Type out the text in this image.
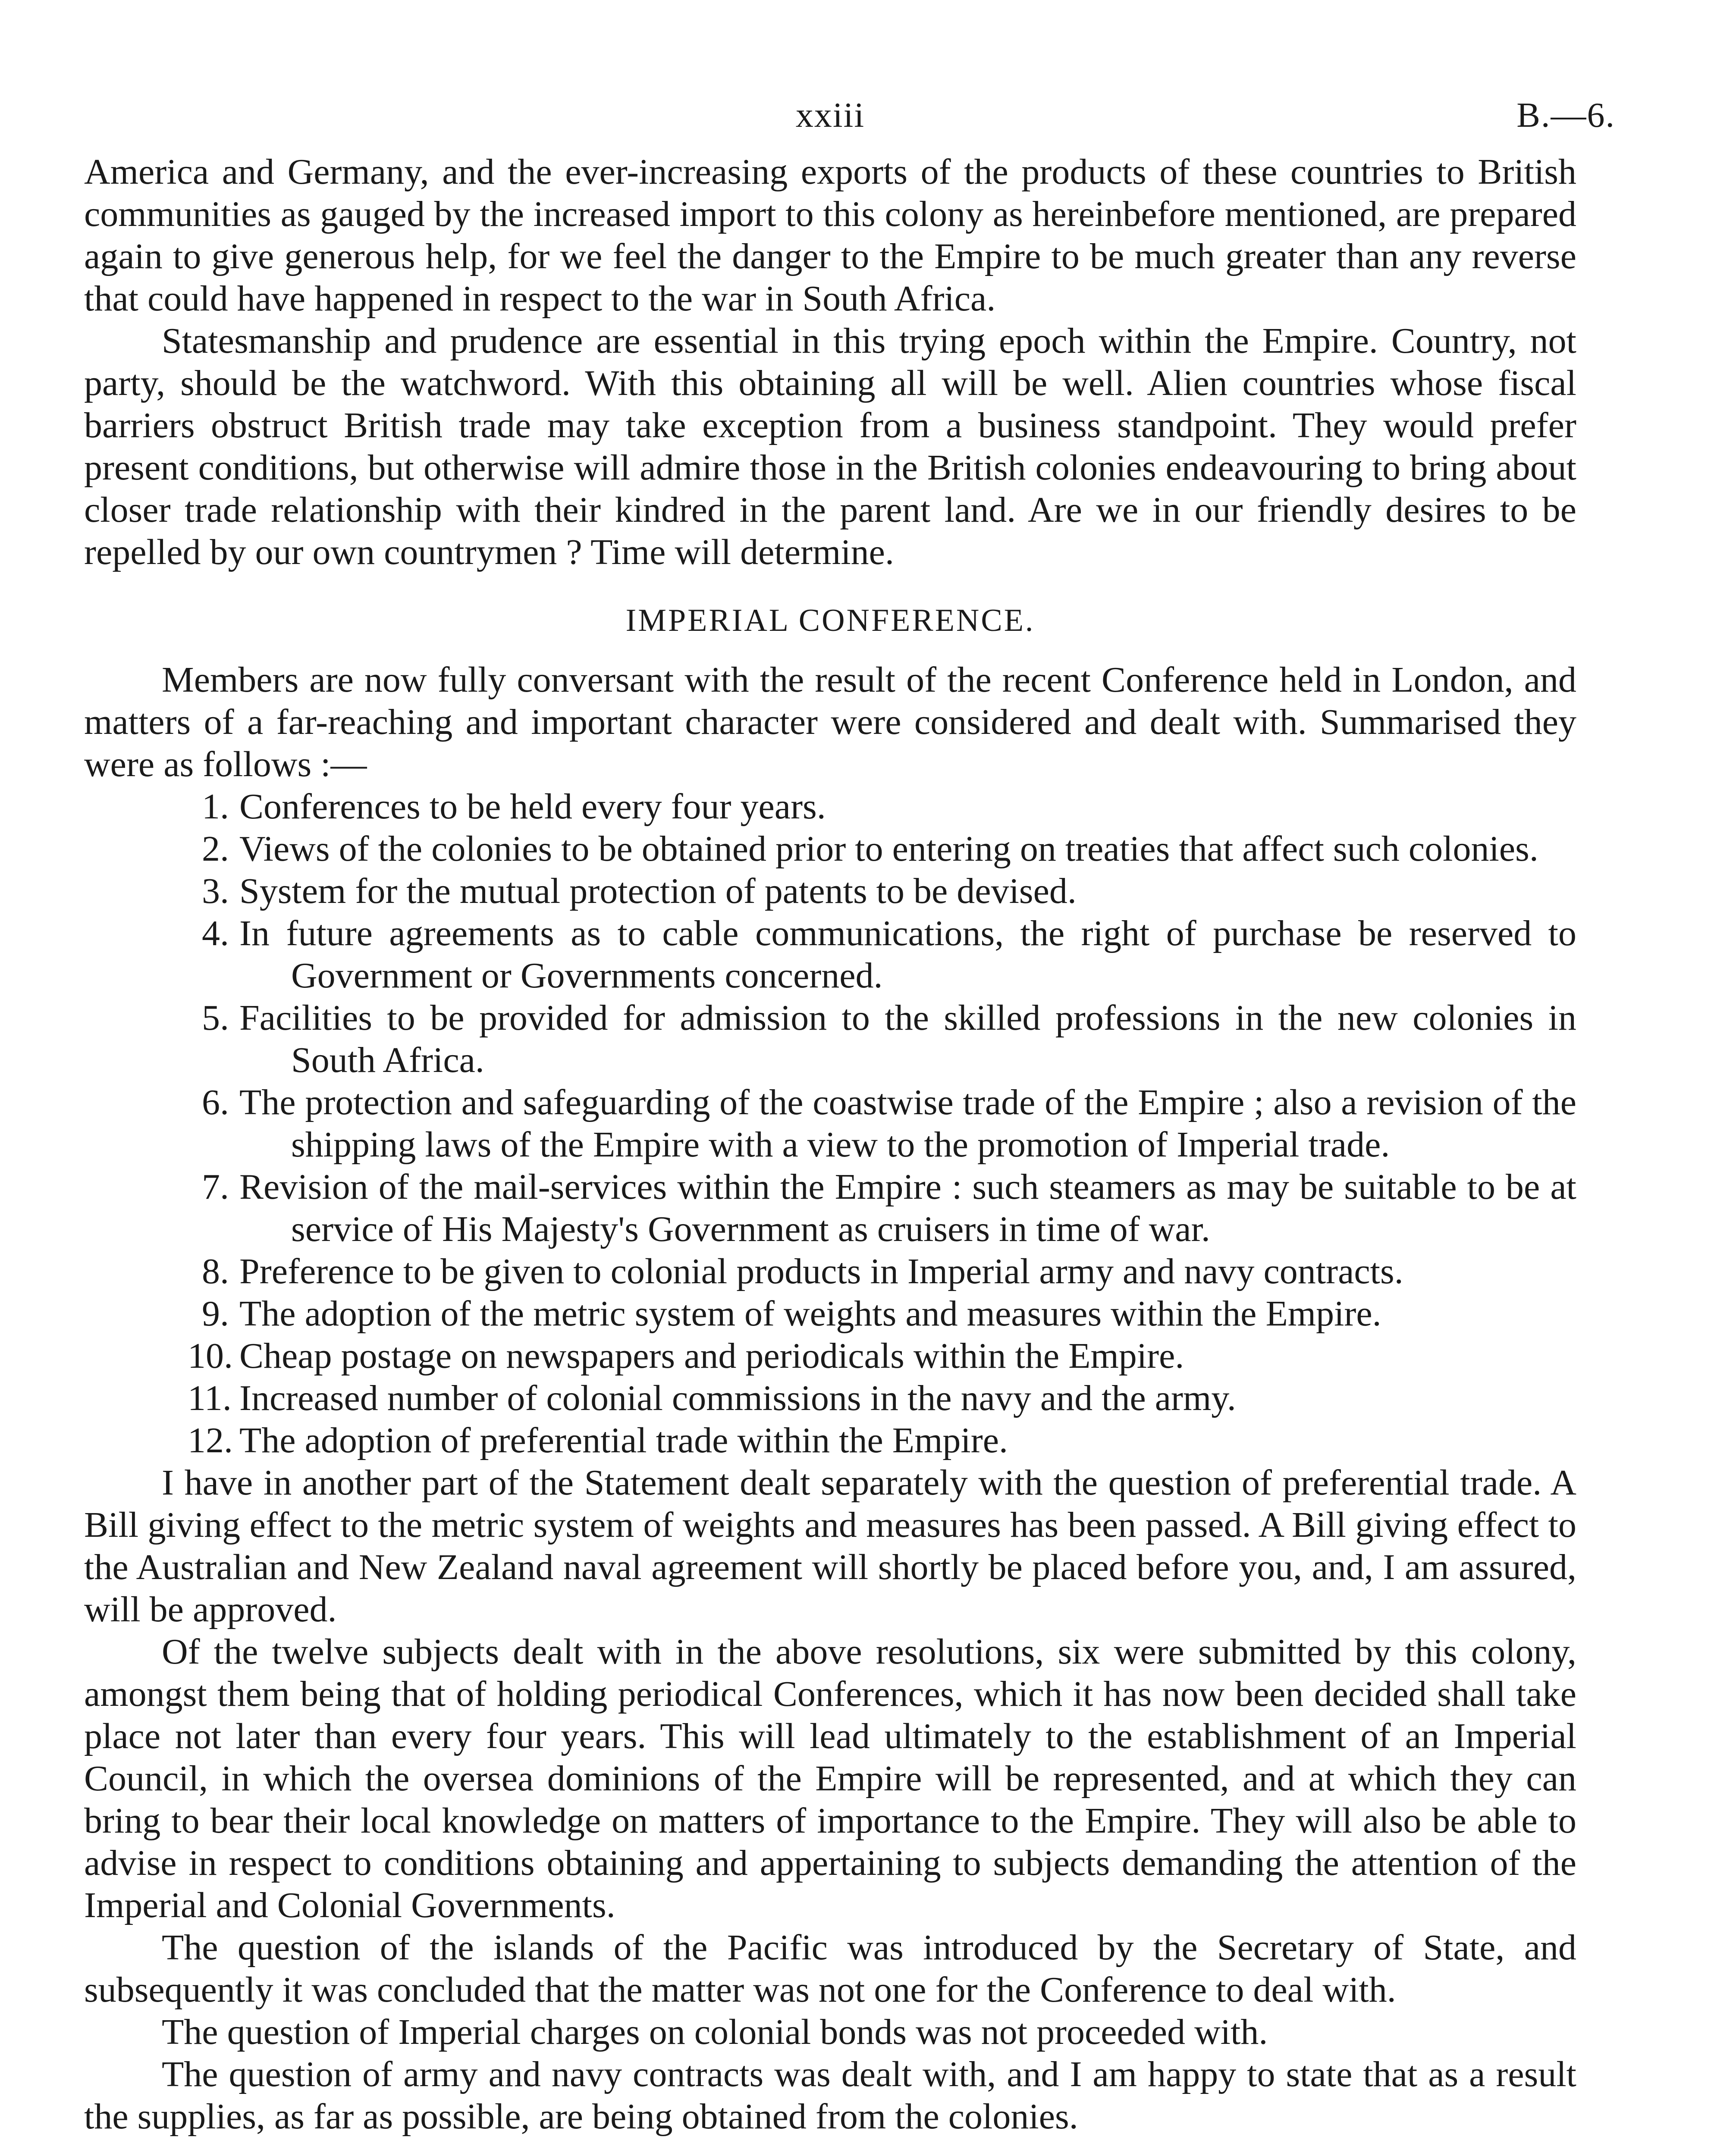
xxiii	B.—6.

America and Germany, and the ever-increasing exports of the products of these countries to British communities as gauged by the increased import to this colony as hereinbefore mentioned, are prepared again to give generous help, for we feel the danger to the Empire to be much greater than any reverse that could have happened in respect to the war in South Africa.

Statesmanship and prudence are essential in this trying epoch within the Empire. Country, not party, should be the watchword. With this obtaining all will be well. Alien countries whose fiscal barriers obstruct British trade may take exception from a business standpoint. They would prefer present conditions, but otherwise will admire those in the British colonies endeavouring to bring about closer trade relationship with their kindred in the parent land. Are we in our friendly desires to be repelled by our own countrymen ? Time will determine.

IMPERIAL CONFERENCE.

Members are now fully conversant with the result of the recent Conference held in London, and matters of a far-reaching and important character were considered and dealt with. Summarised they were as follows :—

1. Conferences to be held every four years.
2. Views of the colonies to be obtained prior to entering on treaties that affect such colonies.
3. System for the mutual protection of patents to be devised.
4. In future agreements as to cable communications, the right of purchase be reserved to Government or Governments concerned.
5. Facilities to be provided for admission to the skilled professions in the new colonies in South Africa.
6. The protection and safeguarding of the coastwise trade of the Empire ; also a revision of the shipping laws of the Empire with a view to the promotion of Imperial trade.
7. Revision of the mail-services within the Empire : such steamers as may be suitable to be at service of His Majesty's Government as cruisers in time of war.
8. Preference to be given to colonial products in Imperial army and navy contracts.
9. The adoption of the metric system of weights and measures within the Empire.
10. Cheap postage on newspapers and periodicals within the Empire.
11. Increased number of colonial commissions in the navy and the army.
12. The adoption of preferential trade within the Empire.

I have in another part of the Statement dealt separately with the question of preferential trade. A Bill giving effect to the metric system of weights and measures has been passed. A Bill giving effect to the Australian and New Zealand naval agreement will shortly be placed before you, and, I am assured, will be approved.

Of the twelve subjects dealt with in the above resolutions, six were submitted by this colony, amongst them being that of holding periodical Conferences, which it has now been decided shall take place not later than every four years. This will lead ultimately to the establishment of an Imperial Council, in which the oversea dominions of the Empire will be represented, and at which they can bring to bear their local knowledge on matters of importance to the Empire. They will also be able to advise in respect to conditions obtaining and appertaining to subjects demanding the attention of the Imperial and Colonial Governments.

The question of the islands of the Pacific was introduced by the Secretary of State, and subsequently it was concluded that the matter was not one for the Conference to deal with.

The question of Imperial charges on colonial bonds was not proceeded with.

The question of army and navy contracts was dealt with, and I am happy to state that as a result the supplies, as far as possible, are being obtained from the colonies.
